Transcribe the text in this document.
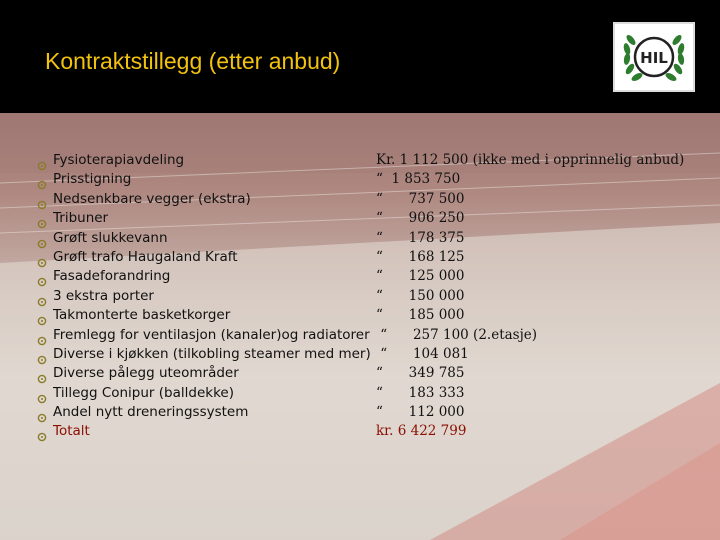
Kontraktstillegg (etter anbud)	HIL
Fysioterapiavdeling	Kr. 1 112 500 (ikke med i opprinnelig anbud)
Prisstigning	“  1 853 750
Nedsenkbare vegger (ekstra)	“      737 500
Tribuner	“      906 250
Grøft slukkevann	“      178 375
Grøft trafo Haugaland Kraft	“      168 125
Fasadeforandring	“      125 000
3 ekstra porter	“      150 000
Takmonterte basketkorger	“      185 000
Fremlegg for ventilasjon (kanaler)og radiatorer “      257 100 (2.etasje)
Diverse i kjøkken (tilkobling steamer med mer) “      104 081
Diverse pålegg uteområder	“      349 785
Tillegg Conipur (balldekke)	“      183 333
Andel nytt dreneringssystem	“      112 000
Totalt	kr. 6 422 799
